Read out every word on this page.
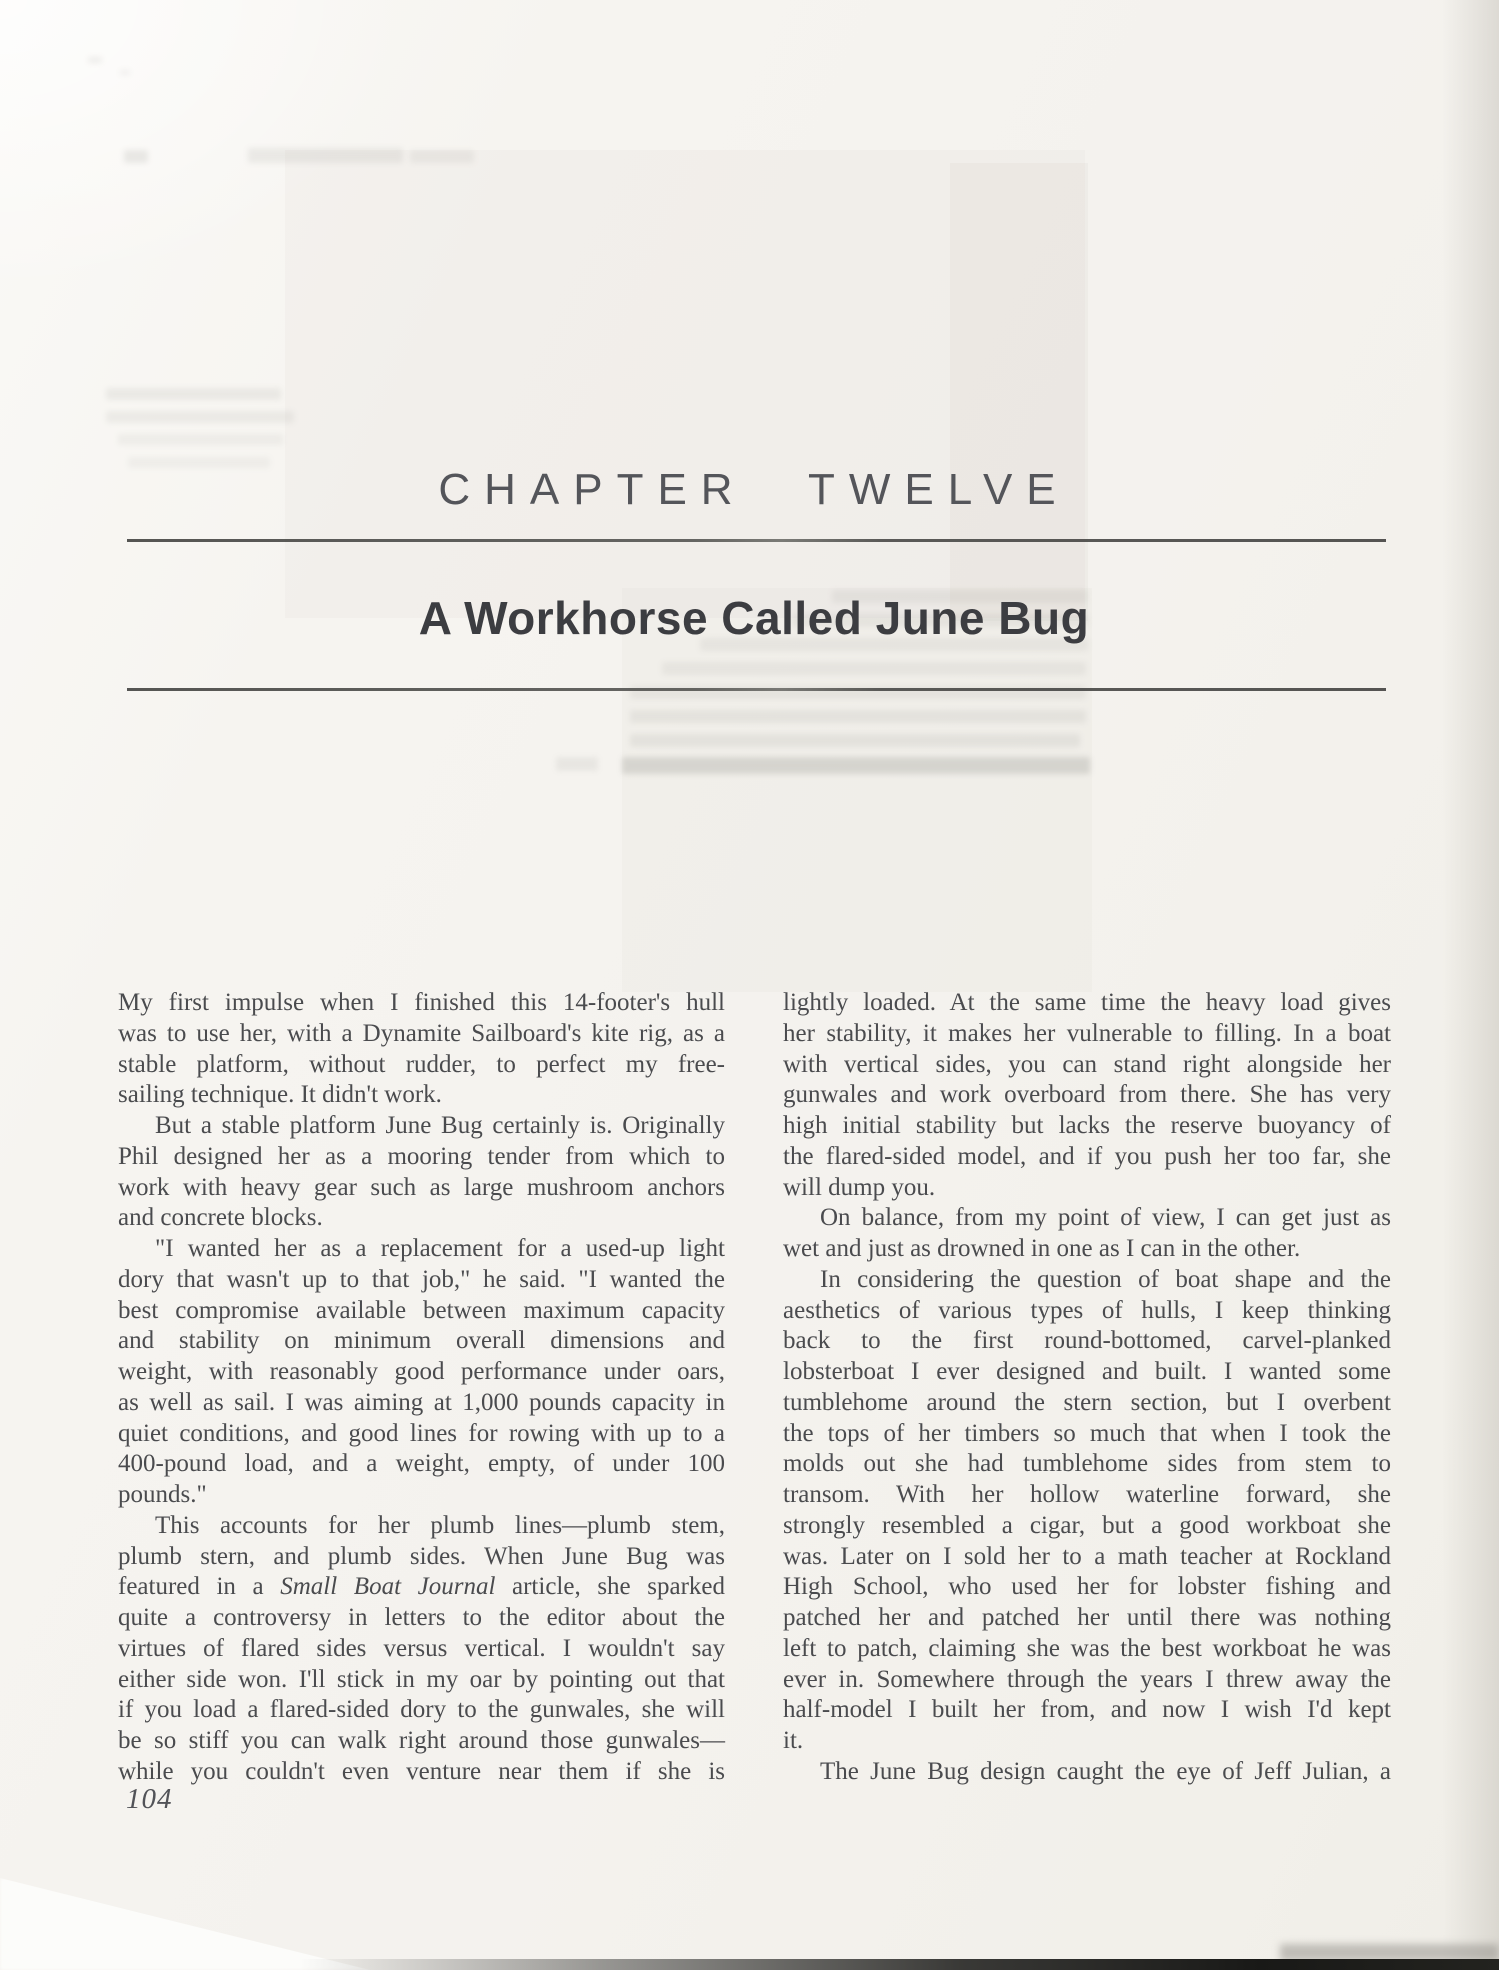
CHAPTER TWELVE
A Workhorse Called June Bug
My first impulse when I finished this 14-footer's hull
was to use her, with a Dynamite Sailboard's kite rig, as a
stable platform, without rudder, to perfect my free-
sailing technique. It didn't work.
But a stable platform June Bug certainly is. Originally
Phil designed her as a mooring tender from which to
work with heavy gear such as large mushroom anchors
and concrete blocks.
"I wanted her as a replacement for a used-up light
dory that wasn't up to that job," he said. "I wanted the
best compromise available between maximum capacity
and stability on minimum overall dimensions and
weight, with reasonably good performance under oars,
as well as sail. I was aiming at 1,000 pounds capacity in
quiet conditions, and good lines for rowing with up to a
400-pound load, and a weight, empty, of under 100
pounds."
This accounts for her plumb lines—plumb stem,
plumb stern, and plumb sides. When June Bug was
featured in a Small Boat Journal article, she sparked
quite a controversy in letters to the editor about the
virtues of flared sides versus vertical. I wouldn't say
either side won. I'll stick in my oar by pointing out that
if you load a flared-sided dory to the gunwales, she will
be so stiff you can walk right around those gunwales—
while you couldn't even venture near them if she is
lightly loaded. At the same time the heavy load gives
her stability, it makes her vulnerable to filling. In a boat
with vertical sides, you can stand right alongside her
gunwales and work overboard from there. She has very
high initial stability but lacks the reserve buoyancy of
the flared-sided model, and if you push her too far, she
will dump you.
On balance, from my point of view, I can get just as
wet and just as drowned in one as I can in the other.
In considering the question of boat shape and the
aesthetics of various types of hulls, I keep thinking
back to the first round-bottomed, carvel-planked
lobsterboat I ever designed and built. I wanted some
tumblehome around the stern section, but I overbent
the tops of her timbers so much that when I took the
molds out she had tumblehome sides from stem to
transom. With her hollow waterline forward, she
strongly resembled a cigar, but a good workboat she
was. Later on I sold her to a math teacher at Rockland
High School, who used her for lobster fishing and
patched her and patched her until there was nothing
left to patch, claiming she was the best workboat he was
ever in. Somewhere through the years I threw away the
half-model I built her from, and now I wish I'd kept
it.
The June Bug design caught the eye of Jeff Julian, a
104
